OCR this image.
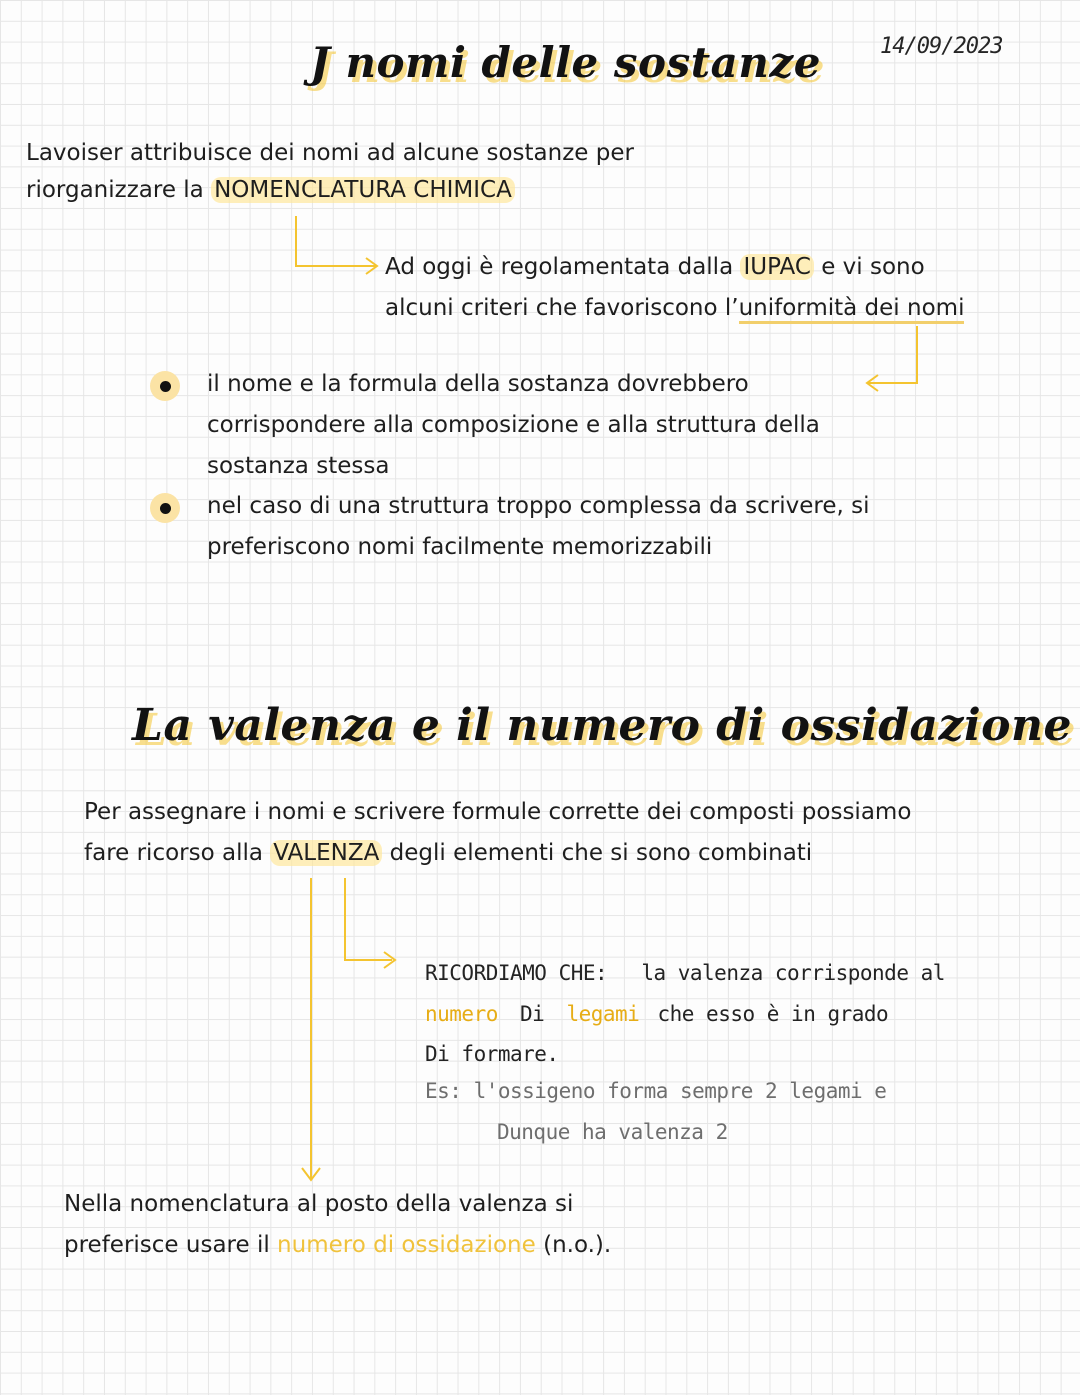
J nomi delle sostanze	14/09/2023
Lavoiser attribuisce dei nomi ad alcune sostanze per
riorganizzare la NOMENCLATURA CHIMICA
Ad oggi è regolamentata dalla IUPAC e vi sono
alcuni criteri che favoriscono l’uniformità dei nomi
il nome e la formula della sostanza dovrebbero
corrispondere alla composizione e alla struttura della
sostanza stessa
nel caso di una struttura troppo complessa da scrivere, si
preferiscono nomi facilmente memorizzabili
La valenza e il numero di ossidazione
Per assegnare i nomi e scrivere formule corrette dei composti possiamo
fare ricorso alla VALENZA degli elementi che si sono combinati
RICORDIAMO CHE: la valenza corrisponde al
numero Di legami che esso è in grado
Di formare.
Es: l'ossigeno forma sempre 2 legami e
Dunque ha valenza 2
Nella nomenclatura al posto della valenza si
preferisce usare il numero di ossidazione (n.o.).
